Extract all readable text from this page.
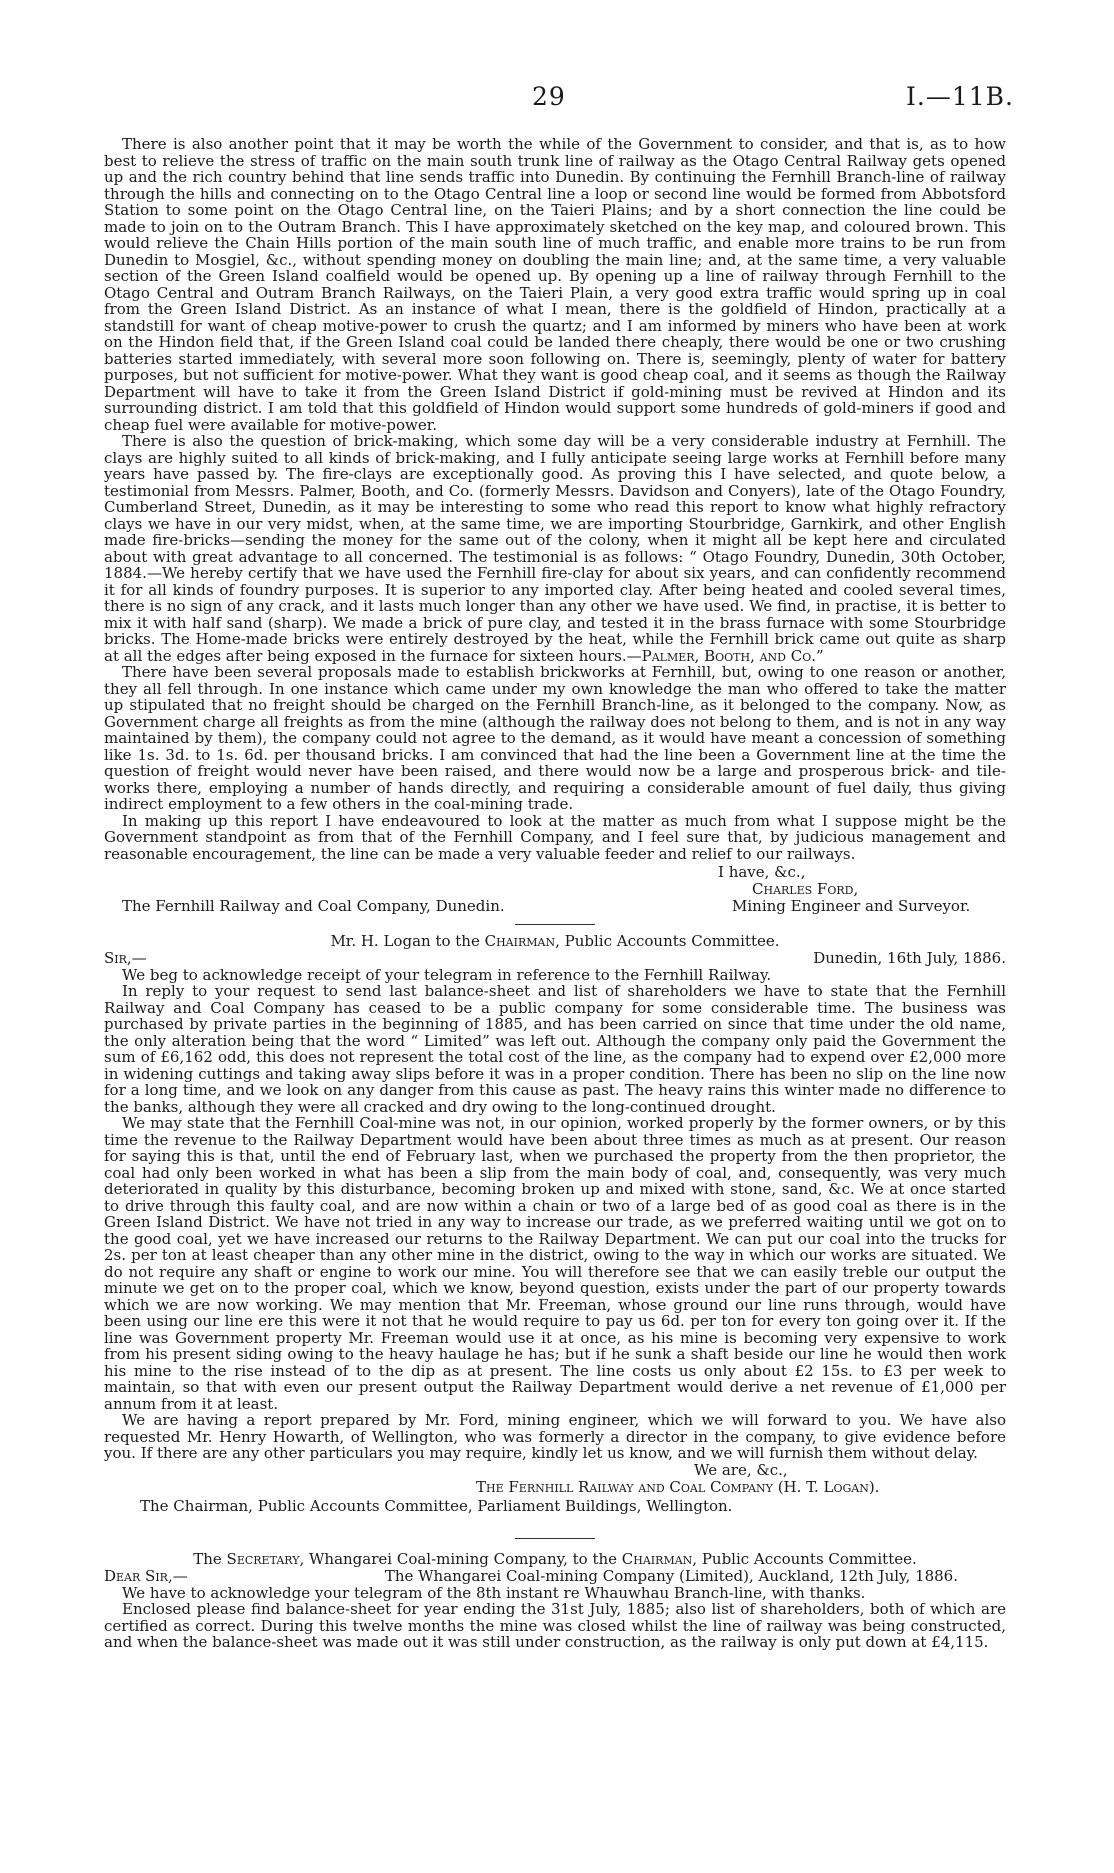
29	I.—11B.

There is also another point that it may be worth the while of the Government to consider, and that is, as to how best to relieve the stress of traffic on the main south trunk line of railway as the Otago Central Railway gets opened up and the rich country behind that line sends traffic into Dunedin. By continuing the Fernhill Branch-line of railway through the hills and connecting on to the Otago Central line a loop or second line would be formed from Abbotsford Station to some point on the Otago Central line, on the Taieri Plains; and by a short connection the line could be made to join on to the Outram Branch. This I have approximately sketched on the key map, and coloured brown. This would relieve the Chain Hills portion of the main south line of much traffic, and enable more trains to be run from Dunedin to Mosgiel, &c., without spending money on doubling the main line; and, at the same time, a very valuable section of the Green Island coalfield would be opened up. By opening up a line of railway through Fernhill to the Otago Central and Outram Branch Railways, on the Taieri Plain, a very good extra traffic would spring up in coal from the Green Island District. As an instance of what I mean, there is the goldfield of Hindon, practically at a standstill for want of cheap motive-power to crush the quartz; and I am informed by miners who have been at work on the Hindon field that, if the Green Island coal could be landed there cheaply, there would be one or two crushing batteries started immediately, with several more soon following on. There is, seemingly, plenty of water for battery purposes, but not sufficient for motive-power. What they want is good cheap coal, and it seems as though the Railway Department will have to take it from the Green Island District if gold-mining must be revived at Hindon and its surrounding district. I am told that this goldfield of Hindon would support some hundreds of gold-miners if good and cheap fuel were available for motive-power.

There is also the question of brick-making, which some day will be a very considerable industry at Fernhill. The clays are highly suited to all kinds of brick-making, and I fully anticipate seeing large works at Fernhill before many years have passed by. The fire-clays are exceptionally good. As proving this I have selected, and quote below, a testimonial from Messrs. Palmer, Booth, and Co. (formerly Messrs. Davidson and Conyers), late of the Otago Foundry, Cumberland Street, Dunedin, as it may be interesting to some who read this report to know what highly refractory clays we have in our very midst, when, at the same time, we are importing Stourbridge, Garnkirk, and other English made fire-bricks—sending the money for the same out of the colony, when it might all be kept here and circulated about with great advantage to all concerned. The testimonial is as follows: “ Otago Foundry, Dunedin, 30th October, 1884.—We hereby certify that we have used the Fernhill fire-clay for about six years, and can confidently recommend it for all kinds of foundry purposes. It is superior to any imported clay. After being heated and cooled several times, there is no sign of any crack, and it lasts much longer than any other we have used. We find, in practise, it is better to mix it with half sand (sharp). We made a brick of pure clay, and tested it in the brass furnace with some Stourbridge bricks. The Home-made bricks were entirely destroyed by the heat, while the Fernhill brick came out quite as sharp at all the edges after being exposed in the furnace for sixteen hours.—Palmer, Booth, and Co.”

There have been several proposals made to establish brickworks at Fernhill, but, owing to one reason or another, they all fell through. In one instance which came under my own knowledge the man who offered to take the matter up stipulated that no freight should be charged on the Fernhill Branch-line, as it belonged to the company. Now, as Government charge all freights as from the mine (although the railway does not belong to them, and is not in any way maintained by them), the company could not agree to the demand, as it would have meant a concession of something like 1s. 3d. to 1s. 6d. per thousand bricks. I am convinced that had the line been a Government line at the time the question of freight would never have been raised, and there would now be a large and prosperous brick- and tile-works there, employing a number of hands directly, and requiring a considerable amount of fuel daily, thus giving indirect employment to a few others in the coal-mining trade.

In making up this report I have endeavoured to look at the matter as much from what I suppose might be the Government standpoint as from that of the Fernhill Company, and I feel sure that, by judicious management and reasonable encouragement, the line can be made a very valuable feeder and relief to our railways.

I have, &c.,
Charles Ford,
The Fernhill Railway and Coal Company, Dunedin.	Mining Engineer and Surveyor.

Mr. H. Logan to the Chairman, Public Accounts Committee.

Sir,—	Dunedin, 16th July, 1886.

We beg to acknowledge receipt of your telegram in reference to the Fernhill Railway.

In reply to your request to send last balance-sheet and list of shareholders we have to state that the Fernhill Railway and Coal Company has ceased to be a public company for some considerable time. The business was purchased by private parties in the beginning of 1885, and has been carried on since that time under the old name, the only alteration being that the word “ Limited” was left out. Although the company only paid the Government the sum of £6,162 odd, this does not represent the total cost of the line, as the company had to expend over £2,000 more in widening cuttings and taking away slips before it was in a proper condition. There has been no slip on the line now for a long time, and we look on any danger from this cause as past. The heavy rains this winter made no difference to the banks, although they were all cracked and dry owing to the long-continued drought.

We may state that the Fernhill Coal-mine was not, in our opinion, worked properly by the former owners, or by this time the revenue to the Railway Department would have been about three times as much as at present. Our reason for saying this is that, until the end of February last, when we purchased the property from the then proprietor, the coal had only been worked in what has been a slip from the main body of coal, and, consequently, was very much deteriorated in quality by this disturbance, becoming broken up and mixed with stone, sand, &c. We at once started to drive through this faulty coal, and are now within a chain or two of a large bed of as good coal as there is in the Green Island District. We have not tried in any way to increase our trade, as we preferred waiting until we got on to the good coal, yet we have increased our returns to the Railway Department. We can put our coal into the trucks for 2s. per ton at least cheaper than any other mine in the district, owing to the way in which our works are situated. We do not require any shaft or engine to work our mine. You will therefore see that we can easily treble our output the minute we get on to the proper coal, which we know, beyond question, exists under the part of our property towards which we are now working. We may mention that Mr. Freeman, whose ground our line runs through, would have been using our line ere this were it not that he would require to pay us 6d. per ton for every ton going over it. If the line was Government property Mr. Freeman would use it at once, as his mine is becoming very expensive to work from his present siding owing to the heavy haulage he has; but if he sunk a shaft beside our line he would then work his mine to the rise instead of to the dip as at present. The line costs us only about £2 15s. to £3 per week to maintain, so that with even our present output the Railway Department would derive a net revenue of £1,000 per annum from it at least.

We are having a report prepared by Mr. Ford, mining engineer, which we will forward to you. We have also requested Mr. Henry Howarth, of Wellington, who was formerly a director in the company, to give evidence before you. If there are any other particulars you may require, kindly let us know, and we will furnish them without delay.

We are, &c.,
The Fernhill Railway and Coal Company (H. T. Logan).

The Chairman, Public Accounts Committee, Parliament Buildings, Wellington.

The Secretary, Whangarei Coal-mining Company, to the Chairman, Public Accounts Committee.

Dear Sir,—	The Whangarei Coal-mining Company (Limited), Auckland, 12th July, 1886.

We have to acknowledge your telegram of the 8th instant re Whauwhau Branch-line, with thanks.

Enclosed please find balance-sheet for year ending the 31st July, 1885; also list of shareholders, both of which are certified as correct. During this twelve months the mine was closed whilst the line of railway was being constructed, and when the balance-sheet was made out it was still under construction, as the railway is only put down at £4,115.
